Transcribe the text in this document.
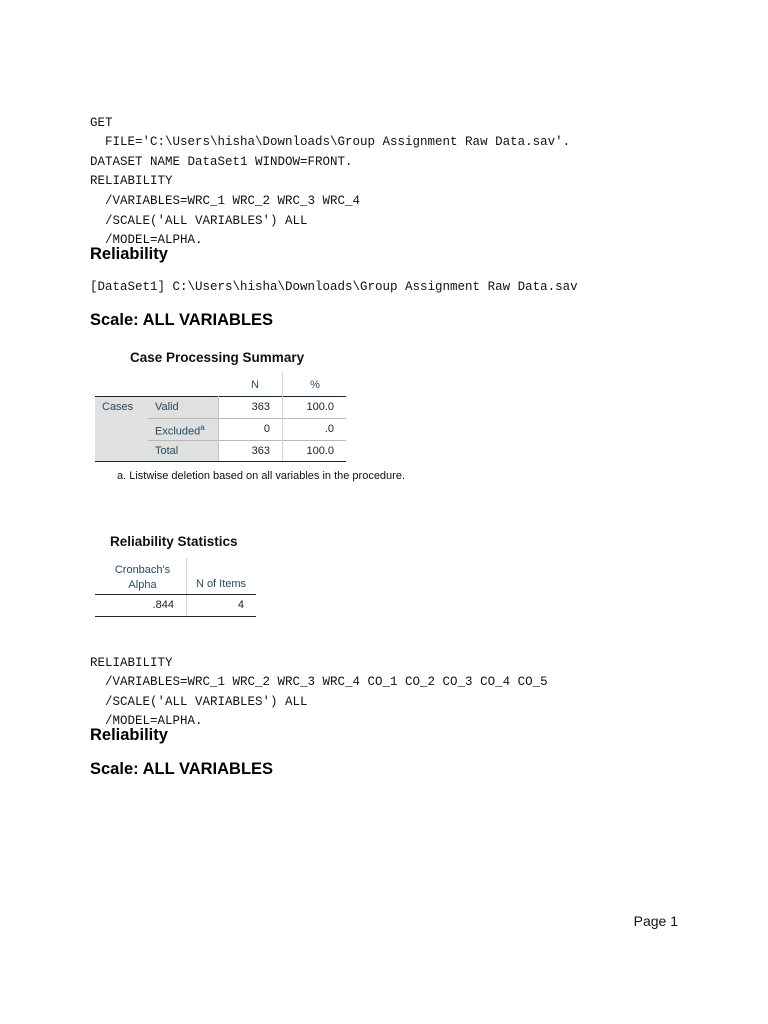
GET
FILE='C:\Users\hisha\Downloads\Group Assignment Raw Data.sav'.
DATASET NAME DataSet1 WINDOW=FRONT.
RELIABILITY
/VARIABLES=WRC_1 WRC_2 WRC_3 WRC_4
/SCALE('ALL VARIABLES') ALL
/MODEL=ALPHA.

Reliability
[DataSet1] C:\Users\hisha\Downloads\Group Assignment Raw Data.sav
Scale: ALL VARIABLES
Case Processing Summary
N	%
Cases Valid	363	100.0
Excluded$^a$	0	.0
Total	363	100.0
a. Listwise deletion based on all variables in the procedure.
Reliability Statistics
Cronbach's
Alpha	N of Items
.844	4

RELIABILITY
/VARIABLES=WRC_1 WRC_2 WRC_3 WRC_4 CO_1 CO_2 CO_3 CO_4 CO_5
/SCALE('ALL VARIABLES') ALL
/MODEL=ALPHA.

Reliability
Scale: ALL VARIABLES
Page 1
